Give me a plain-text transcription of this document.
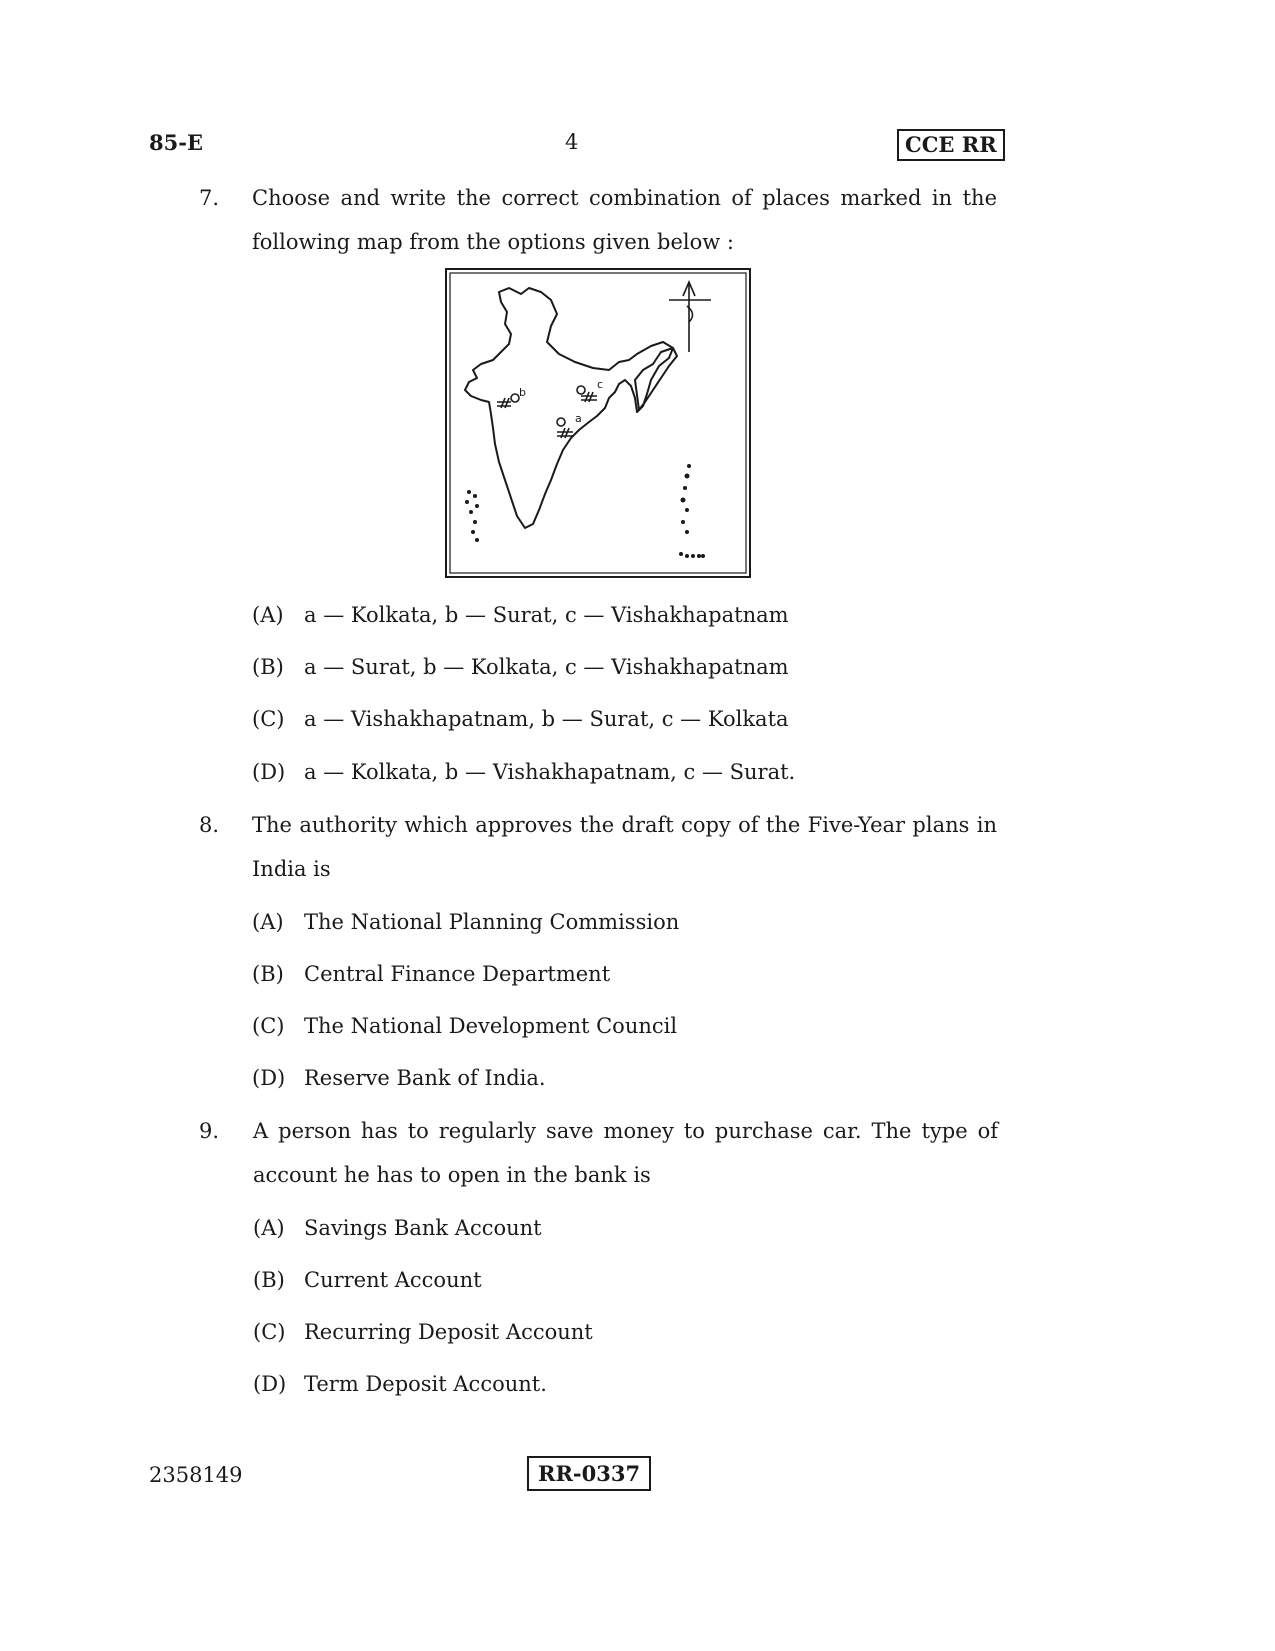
85-E	4	CCE RR
7. Choose and write the correct combination of places marked in the
following map from the options given below :
a
b
c
(A) a — Kolkata, b — Surat, c — Vishakhapatnam
(B) a — Surat, b — Kolkata, c — Vishakhapatnam
(C) a — Vishakhapatnam, b — Surat, c — Kolkata
(D) a — Kolkata, b — Vishakhapatnam, c — Surat.
8. The authority which approves the draft copy of the Five-Year plans in
India is
(A) The National Planning Commission
(B) Central Finance Department
(C) The National Development Council
(D) Reserve Bank of India.
9. A person has to regularly save money to purchase car. The type of
account he has to open in the bank is
(A) Savings Bank Account
(B) Current Account
(C) Recurring Deposit Account
(D) Term Deposit Account.
2358149	RR-0337
